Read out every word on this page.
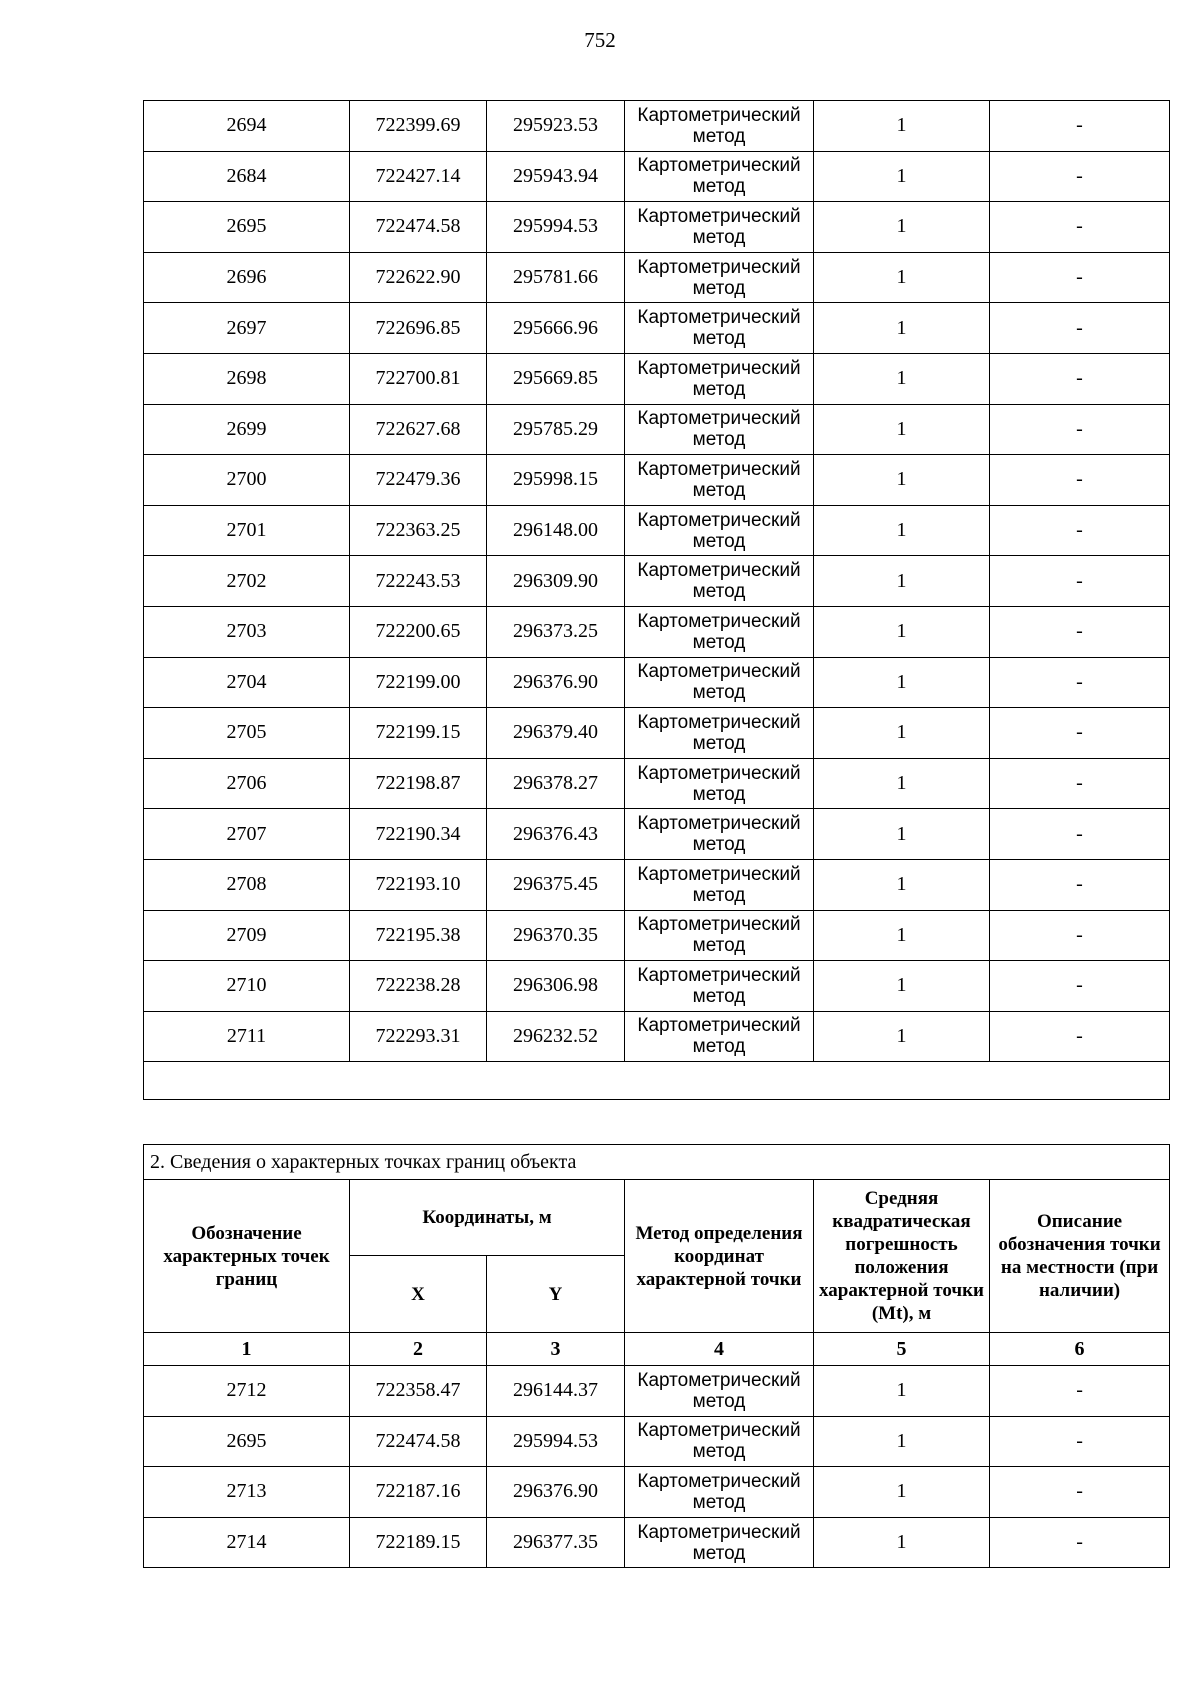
752
2694	722399.69	295923.53	Картометрический
метод	1	-
2684	722427.14	295943.94	Картометрический
метод	1	-
2695	722474.58	295994.53	Картометрический
метод	1	-
2696	722622.90	295781.66	Картометрический
метод	1	-
2697	722696.85	295666.96	Картометрический
метод	1	-
2698	722700.81	295669.85	Картометрический
метод	1	-
2699	722627.68	295785.29	Картометрический
метод	1	-
2700	722479.36	295998.15	Картометрический
метод	1	-
2701	722363.25	296148.00	Картометрический
метод	1	-
2702	722243.53	296309.90	Картометрический
метод	1	-
2703	722200.65	296373.25	Картометрический
метод	1	-
2704	722199.00	296376.90	Картометрический
метод	1	-
2705	722199.15	296379.40	Картометрический
метод	1	-
2706	722198.87	296378.27	Картометрический
метод	1	-
2707	722190.34	296376.43	Картометрический
метод	1	-
2708	722193.10	296375.45	Картометрический
метод	1	-
2709	722195.38	296370.35	Картометрический
метод	1	-
2710	722238.28	296306.98	Картометрический
метод	1	-
2711	722293.31	296232.52	Картометрический
метод	1	-

2. Сведения о характерных точках границ объекта					
Обозначение характерных точек границ	Координаты, м		Метод определения координат характерной точки	Средняя квадратическая погрешность положения характерной точки (Mt), м	Описание обозначения точки на местности (при наличии)
	X	Y			
1	2	3	4	5	6
2712	722358.47	296144.37	Картометрический
метод	1	-
2695	722474.58	295994.53	Картометрический
метод	1	-
2713	722187.16	296376.90	Картометрический
метод	1	-
2714	722189.15	296377.35	Картометрический
метод	1	-
